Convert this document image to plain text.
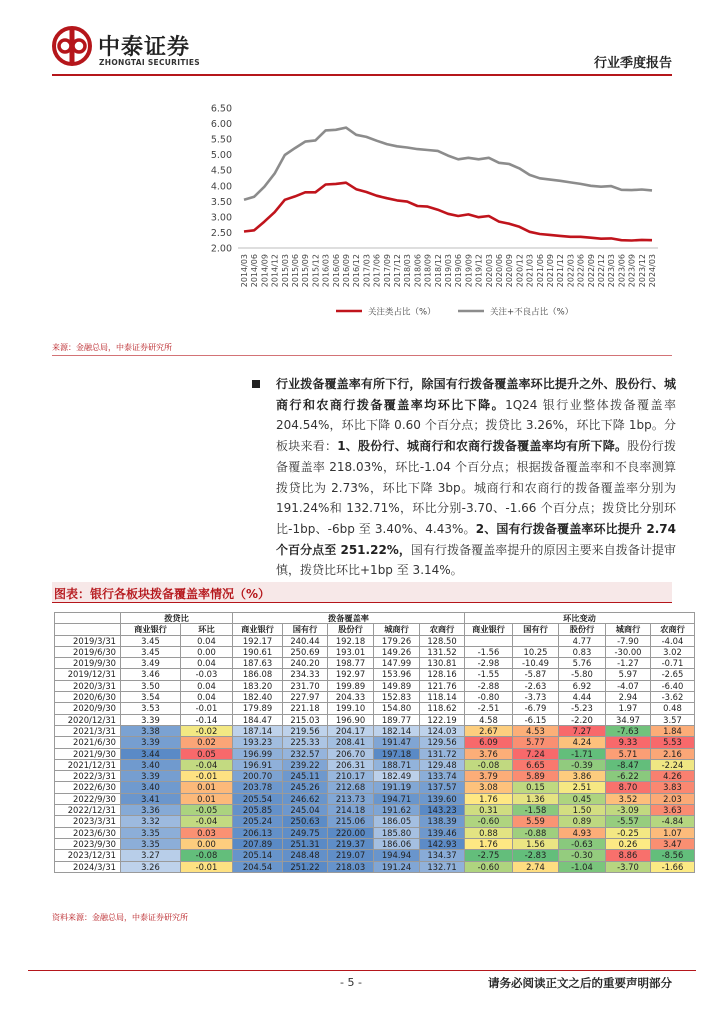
中泰证券
ZHONGTAI SECURITIES	行业季度报告
6.50
6.00
5.50
5.00
4.50
4.00
3.50
3.00
2.50
2.00
2014/03 2014/06 2014/09 2014/12 2015/03 2015/06 2015/09 2015/12 2016/03 2016/06 2016/09 2016/12 2017/03 2017/06 2017/09 2017/12 2018/03 2018/06 2018/09 2018/12 2019/03 2019/06 2019/09 2019/12 2020/03 2020/06 2020/09 2020/12 2021/03 2021/06 2021/09 2021/12 2022/03 2022/06 2022/09 2022/12 2023/03 2023/06 2023/09 2023/12 2024/03
关注类占比（%）	关注+不良占比（%）
来源：金融总局，中泰证券研究所
行业拨备覆盖率有所下行，除国有行拨备覆盖率环比提升之外、股份行、城商行和农商行拨备覆盖率均环比下降。1Q24 银行业整体拨备覆盖率 204.54%，环比下降 0.60 个百分点；拨贷比 3.26%，环比下降 1bp。分板块来看：1、股份行、城商行和农商行拨备覆盖率均有所下降。股份行拨备覆盖率 218.03%，环比-1.04 个百分点；根据拨备覆盖率和不良率测算拨贷比为 2.73%，环比下降 3bp。城商行和农商行的拨备覆盖率分别为 191.24%和 132.71%，环比分别-3.70、-1.66 个百分点；拨贷比分别环比-1bp、-6bp 至 3.40%、4.43%。2、国有行拨备覆盖率环比提升 2.74 个百分点至 251.22%，国有行拨备覆盖率提升的原因主要来自拨备计提审慎，拨贷比环比+1bp 至 3.14%。
图表：银行各板块拨备覆盖率情况（%）
	拨贷比		拨备覆盖率					环比变动				
	商业银行	环比	商业银行	国有行	股份行	城商行	农商行	商业银行	国有行	股份行	城商行	农商行
2019/3/31	3.45	0.04	192.17	240.44	192.18	179.26	128.50			4.77	-7.90	-4.04
2019/6/30	3.45	0.00	190.61	250.69	193.01	149.26	131.52	-1.56	10.25	0.83	-30.00	3.02
2019/9/30	3.49	0.04	187.63	240.20	198.77	147.99	130.81	-2.98	-10.49	5.76	-1.27	-0.71
2019/12/31	3.46	-0.03	186.08	234.33	192.97	153.96	128.16	-1.55	-5.87	-5.80	5.97	-2.65
2020/3/31	3.50	0.04	183.20	231.70	199.89	149.89	121.76	-2.88	-2.63	6.92	-4.07	-6.40
2020/6/30	3.54	0.04	182.40	227.97	204.33	152.83	118.14	-0.80	-3.73	4.44	2.94	-3.62
2020/9/30	3.53	-0.01	179.89	221.18	199.10	154.80	118.62	-2.51	-6.79	-5.23	1.97	0.48
2020/12/31	3.39	-0.14	184.47	215.03	196.90	189.77	122.19	4.58	-6.15	-2.20	34.97	3.57
2021/3/31	3.38	-0.02	187.14	219.56	204.17	182.14	124.03	2.67	4.53	7.27	-7.63	1.84
2021/6/30	3.39	0.02	193.23	225.33	208.41	191.47	129.56	6.09	5.77	4.24	9.33	5.53
2021/9/30	3.44	0.05	196.99	232.57	206.70	197.18	131.72	3.76	7.24	-1.71	5.71	2.16
2021/12/31	3.40	-0.04	196.91	239.22	206.31	188.71	129.48	-0.08	6.65	-0.39	-8.47	-2.24
2022/3/31	3.39	-0.01	200.70	245.11	210.17	182.49	133.74	3.79	5.89	3.86	-6.22	4.26
2022/6/30	3.40	0.01	203.78	245.26	212.68	191.19	137.57	3.08	0.15	2.51	8.70	3.83
2022/9/30	3.41	0.01	205.54	246.62	213.73	194.71	139.60	1.76	1.36	0.45	3.52	2.03
2022/12/31	3.36	-0.05	205.85	245.04	214.18	191.62	143.23	0.31	-1.58	1.50	-3.09	3.63
2023/3/31	3.32	-0.04	205.24	250.63	215.06	186.05	138.39	-0.60	5.59	0.89	-5.57	-4.84
2023/6/30	3.35	0.03	206.13	249.75	220.00	185.80	139.46	0.88	-0.88	4.93	-0.25	1.07
2023/9/30	3.35	0.00	207.89	251.31	219.37	186.06	142.93	1.76	1.56	-0.63	0.26	3.47
2023/12/31	3.27	-0.08	205.14	248.48	219.07	194.94	134.37	-2.75	-2.83	-0.30	8.86	-8.56
2024/3/31	3.26	-0.01	204.54	251.22	218.03	191.24	132.71	-0.60	2.74	-1.04	-3.70	-1.66
资料来源：金融总局，中泰证券研究所
- 5 -	请务必阅读正文之后的重要声明部分
